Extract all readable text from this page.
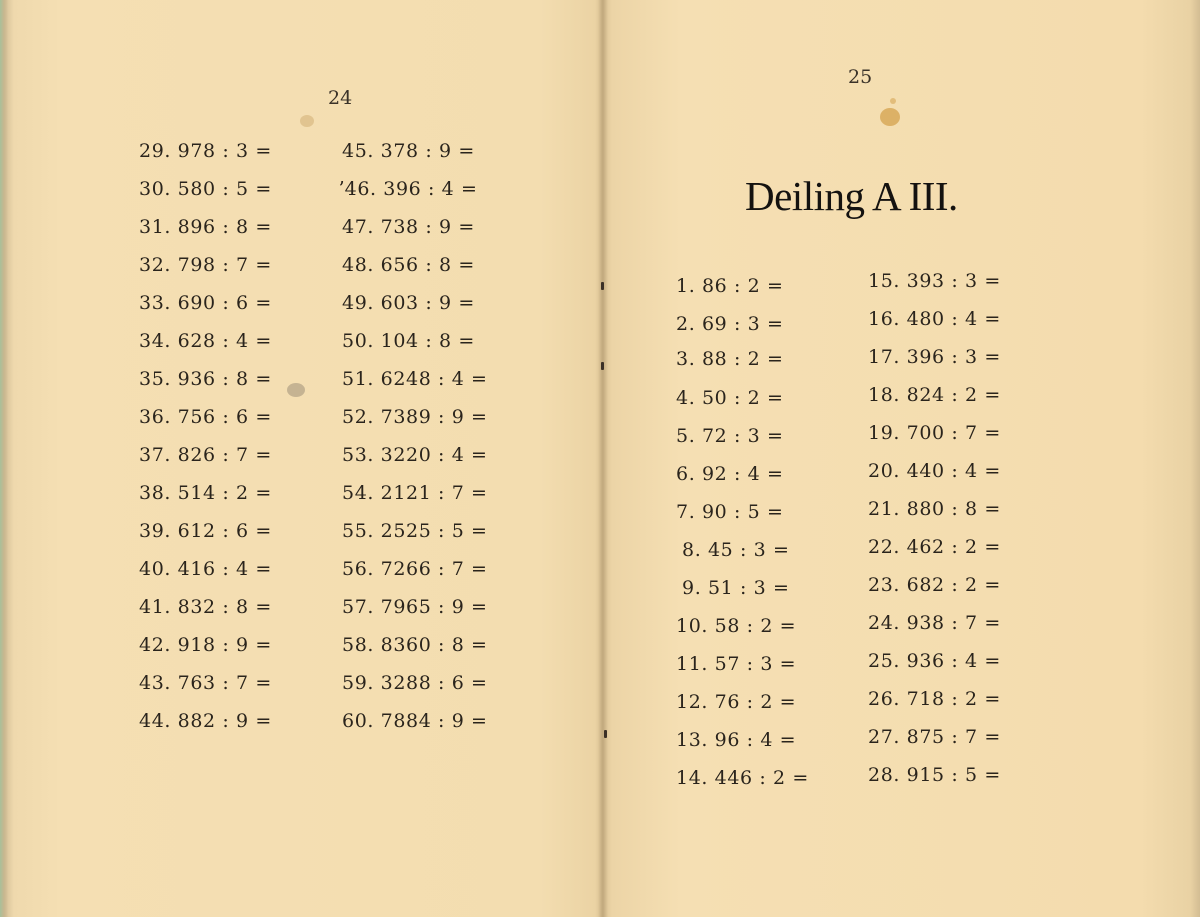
24
29. 978 : 3 =
30. 580 : 5 =
31. 896 : 8 =
32. 798 : 7 =
33. 690 : 6 =
34. 628 : 4 =
35. 936 : 8 =
36. 756 : 6 =
37. 826 : 7 =
38. 514 : 2 =
39. 612 : 6 =
40. 416 : 4 =
41. 832 : 8 =
42. 918 : 9 =
43. 763 : 7 =
44. 882 : 9 =
45. 378 : 9 =
ʼ46. 396 : 4 =
47. 738 : 9 =
48. 656 : 8 =
49. 603 : 9 =
50. 104 : 8 =
51. 6248 : 4 =
52. 7389 : 9 =
53. 3220 : 4 =
54. 2121 : 7 =
55. 2525 : 5 =
56. 7266 : 7 =
57. 7965 : 9 =
58. 8360 : 8 =
59. 3288 : 6 =
60. 7884 : 9 =
25
Deiling A III.
1. 86 : 2 =
2. 69 : 3 =
3. 88 : 2 =
4. 50 : 2 =
5. 72 : 3 =
6. 92 : 4 =
7. 90 : 5 =
8. 45 : 3 =
9. 51 : 3 =
10. 58 : 2 =
11. 57 : 3 =
12. 76 : 2 =
13. 96 : 4 =
14. 446 : 2 =
15. 393 : 3 =
16. 480 : 4 =
17. 396 : 3 =
18. 824 : 2 =
19. 700 : 7 =
20. 440 : 4 =
21. 880 : 8 =
22. 462 : 2 =
23. 682 : 2 =
24. 938 : 7 =
25. 936 : 4 =
26. 718 : 2 =
27. 875 : 7 =
28. 915 : 5 =
